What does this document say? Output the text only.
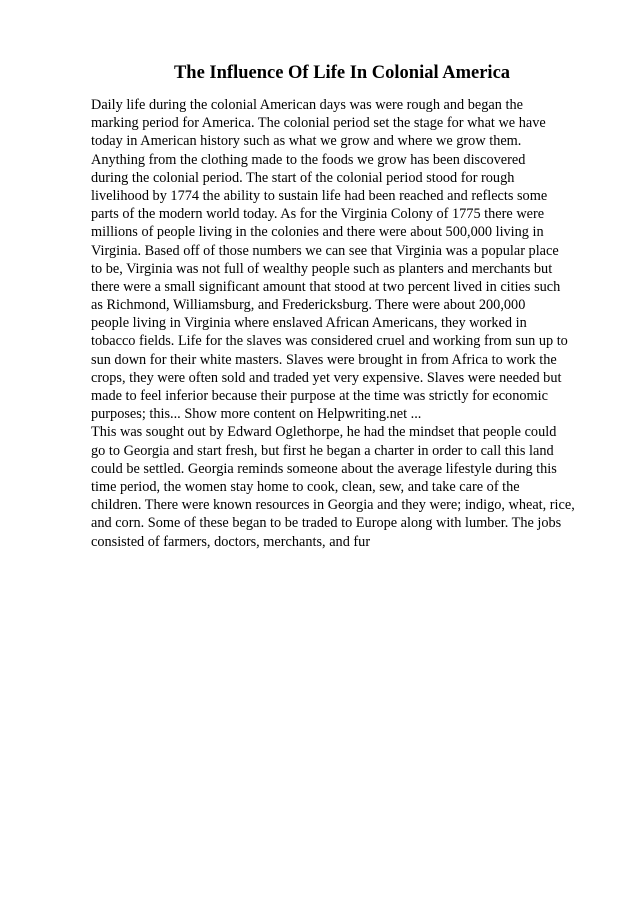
The Influence Of Life In Colonial America
Daily life during the colonial American days was were rough and began the
marking period for America. The colonial period set the stage for what we have
today in American history such as what we grow and where we grow them.
Anything from the clothing made to the foods we grow has been discovered
during the colonial period. The start of the colonial period stood for rough
livelihood by 1774 the ability to sustain life had been reached and reflects some
parts of the modern world today. As for the Virginia Colony of 1775 there were
millions of people living in the colonies and there were about 500,000 living in
Virginia. Based off of those numbers we can see that Virginia was a popular place
to be, Virginia was not full of wealthy people such as planters and merchants but
there were a small significant amount that stood at two percent lived in cities such
as Richmond, Williamsburg, and Fredericksburg. There were about 200,000
people living in Virginia where enslaved African Americans, they worked in
tobacco fields. Life for the slaves was considered cruel and working from sun up to
sun down for their white masters. Slaves were brought in from Africa to work the
crops, they were often sold and traded yet very expensive. Slaves were needed but
made to feel inferior because their purpose at the time was strictly for economic
purposes; this... Show more content on Helpwriting.net ...
This was sought out by Edward Oglethorpe, he had the mindset that people could
go to Georgia and start fresh, but first he began a charter in order to call this land
could be settled. Georgia reminds someone about the average lifestyle during this
time period, the women stay home to cook, clean, sew, and take care of the
children. There were known resources in Georgia and they were; indigo, wheat, rice,
and corn. Some of these began to be traded to Europe along with lumber. The jobs
consisted of farmers, doctors, merchants, and fur
